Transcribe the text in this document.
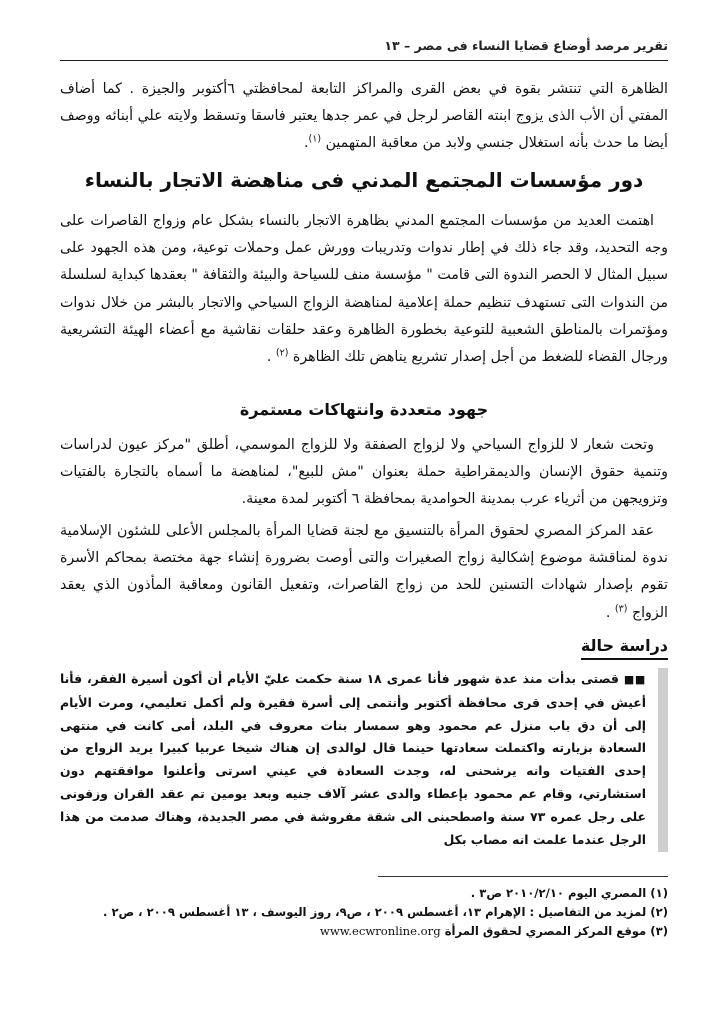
تقرير مرصد أوضاع قضايا النساء فى مصر – ١٣

الظاهرة التي تنتشر بقوة في بعض القرى والمراكز التابعة لمحافظتي ٦أكتوبر والجيزة . كما أضاف المفتي أن الأب الذى يزوج ابنته القاصر لرجل في عمر جدها يعتبر فاسقا وتسقط ولايته علي أبنائه ووصف أيضا ما حدث بأنه استغلال جنسي ولابد من معاقبة المتهمين $^{(١)}$.

دور مؤسسات المجتمع المدني فى مناهضة الاتجار بالنساء

اهتمت العديد من مؤسسات المجتمع المدني بظاهرة الاتجار بالنساء بشكل عام وزواج القاصرات على وجه التحديد، وقد جاء ذلك في إطار ندوات وتدريبات وورش عمل وحملات توعية، ومن هذه الجهود على سبيل المثال لا الحصر الندوة التى قامت " مؤسسة منف للسياحة والبيئة والثقافة " بعقدها كبداية لسلسلة من الندوات التى تستهدف تنظيم حملة إعلامية لمناهضة الزواج السياحي والاتجار بالبشر من خلال ندوات ومؤتمرات بالمناطق الشعبية للتوعية بخطورة الظاهرة وعقد حلقات نقاشية مع أعضاء الهيئة التشريعية ورجال القضاء للضغط من أجل إصدار تشريع يناهض تلك الظاهرة $^{(٢)}$ .

جهود متعددة وانتهاكات مستمرة

وتحت شعار لا للزواج السياحي ولا لزواج الصفقة ولا للزواج الموسمي، أطلق "مركز عيون لدراسات وتنمية حقوق الإنسان والديمقراطية حملة بعنوان "مش للبيع"، لمناهضة ما أسماه بالتجارة بالفتيات وتزويجهن من أثرياء عرب بمدينة الحوامدية بمحافظة ٦ أكتوبر لمدة معينة.

عقد المركز المصري لحقوق المرأة بالتنسيق مع لجنة قضايا المرأة بالمجلس الأعلى للشئون الإسلامية ندوة لمناقشة موضوع إشكالية زواج الصغيرات والتى أوصت بضرورة إنشاء جهة مختصة بمحاكم الأسرة تقوم بإصدار شهادات التسنين للحد من زواج القاصرات، وتفعيل القانون ومعاقبة المأذون الذي يعقد الزواج $^{(٣)}$ .

دراسة حالة

■■ قصتى بدأت منذ عدة شهور فأنا عمرى ١٨ سنة حكمت عليّ الأيام أن أكون أسيرة الفقر، فأنا أعيش في إحدى قرى محافظة أكتوبر وأنتمى إلى أسرة فقيرة ولم أكمل تعليمي، ومرت الأيام إلى أن دق باب منزل عم محمود وهو سمسار بنات معروف في البلد، أمى كانت في منتهى السعادة بزيارته واكتملت سعادتها حينما قال لوالدى إن هناك شيخا عربيا كبيرا يريد الزواج من إحدى الفتيات وانه يرشحنى له، وجدت السعادة في عيني اسرتى وأعلنوا موافقتهم دون استشارتي، وقام عم محمود بإعطاء والدى عشر آلاف جنيه وبعد يومين تم عقد القران وزفونى على رجل عمره ٧٣ سنة واصطحبنى الى شقة مفروشة في مصر الجديدة، وهناك صدمت من هذا الرجل عندما علمت انه مصاب بكل

(١) المصري اليوم ٢٠١٠/٢/١٠ ص٣ .
(٢) لمزيد من التفاصيل : الإهرام ١٣، أغسطس ٢٠٠٩ ، ص٩، روز اليوسف ، ١٣ أغسطس ٢٠٠٩ ، ص٢ .
(٣) موقع المركز المصري لحقوق المرأة www.ecwronline.org
